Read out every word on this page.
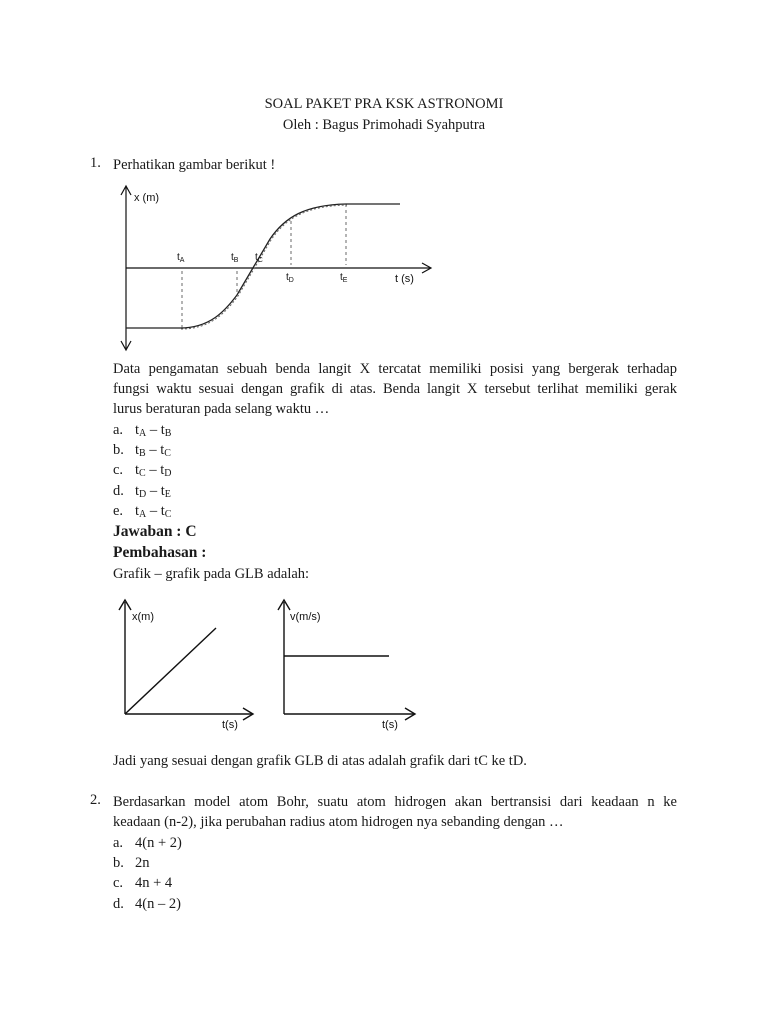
SOAL PAKET PRA KSK ASTRONOMI
Oleh : Bagus Primohadi Syahputra
1. Perhatikan gambar berikut !
x (m)
t (s)
$t_A$	$t_B$ $t_C$
$t_D$	$t_E$
Data pengamatan sebuah benda langit X tercatat memiliki posisi yang bergerak terhadap
fungsi waktu sesuai dengan grafik di atas. Benda langit X tersebut terlihat memiliki gerak
lurus beraturan pada selang waktu …
a. $t_A - t_B$
b. $t_B - t_C$
c. $t_C - t_D$
d. $t_D - t_E$
e. $t_A - t_C$
Jawaban : C
Pembahasan :
Grafik – grafik pada GLB adalah:
x(m)
t(s)
v(m/s)
t(s)
Jadi yang sesuai dengan grafik GLB di atas adalah grafik dari tC ke tD.
2. Berdasarkan model atom Bohr, suatu atom hidrogen akan bertransisi dari keadaan n ke
keadaan (n-2), jika perubahan radius atom hidrogen nya sebanding dengan …
a. 4(n + 2)
b. 2n
c. 4n + 4
d. 4(n – 2)
